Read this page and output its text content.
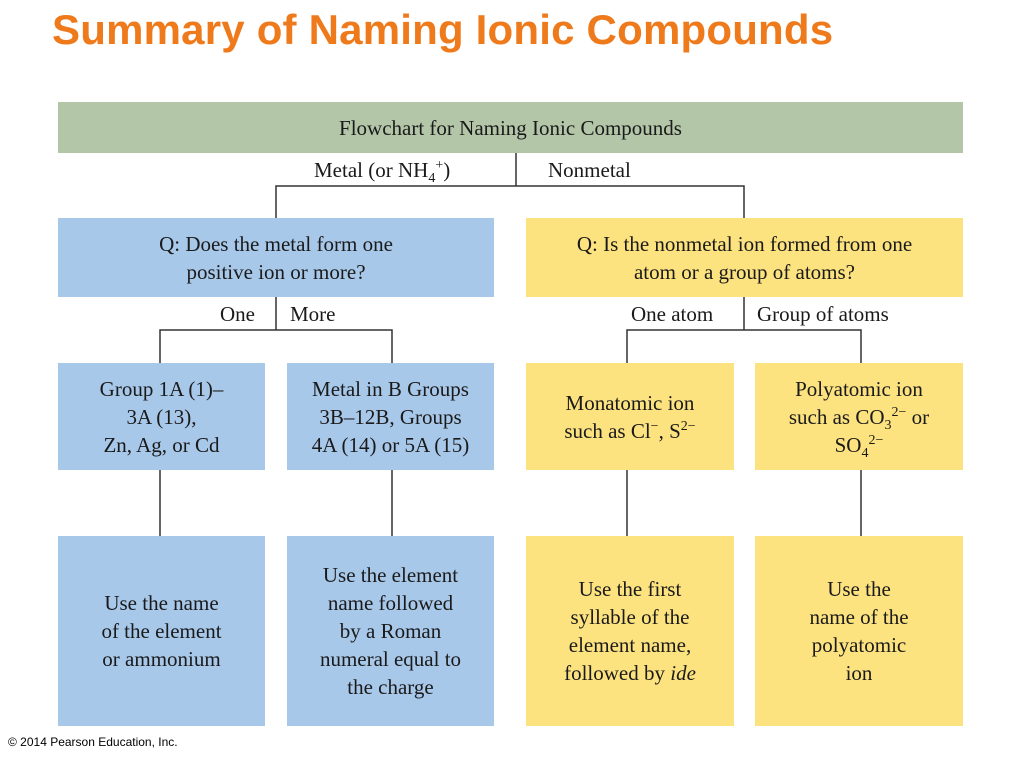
Summary of Naming Ionic Compounds
Flowchart for Naming Ionic Compounds
Metal (or $NH_4^+$)	Nonmetal
Q: Does the metal form one
positive ion or more?
Q: Is the nonmetal ion formed from one
atom or a group of atoms?
One More	One atom Group of atoms
Group 1A (1)–
3A (13),
Zn, Ag, or Cd
Metal in B Groups
3B–12B, Groups
4A (14) or 5A (15)
Monatomic ion
such as Cl−, $S^{2-}$
Polyatomic ion
such as $CO_3^{2-}$ or
$SO_4^{2-}$
Use the name
of the element
or ammonium
Use the element
name followed
by a Roman
numeral equal to
the charge
Use the first
syllable of the
element name,
followed by ide
Use the
name of the
polyatomic
ion
© 2014 Pearson Education, Inc.
